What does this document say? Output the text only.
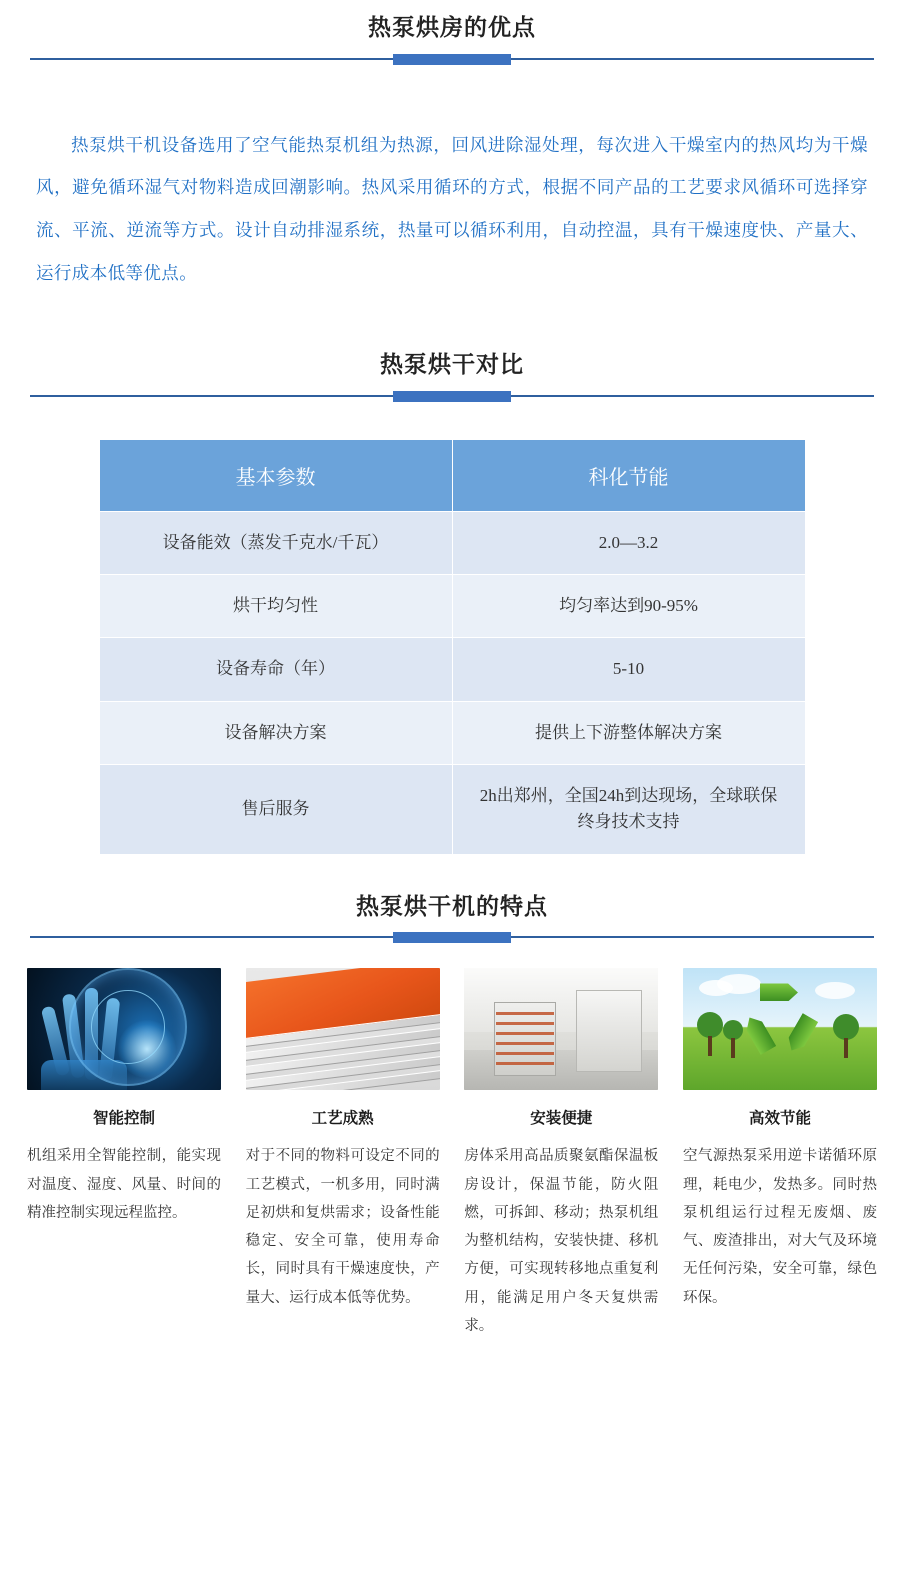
热泵烘房的优点

热泵烘干机设备选用了空气能热泵机组为热源，回风进除湿处理，每次进入干燥室内的热风均为干燥风，避免循环湿气对物料造成回潮影响。热风采用循环的方式，根据不同产品的工艺要求风循环可选择穿流、平流、逆流等方式。设计自动排湿系统，热量可以循环利用，自动控温，具有干燥速度快、产量大、运行成本低等优点。

热泵烘干对比
基本参数	科化节能
设备能效（蒸发千克水/千瓦）	2.0—3.2
烘干均匀性	均匀率达到90-95%
设备寿命（年）	5-10
设备解决方案	提供上下游整体解决方案
售后服务	2h出郑州，全国24h到达现场，全球联保
终身技术支持
热泵烘干机的特点
智能控制
机组采用全智能控制，能实现对温度、湿度、风量、时间的精准控制实现远程监控。
工艺成熟
对于不同的物料可设定不同的工艺模式，一机多用，同时满足初烘和复烘需求；设备性能稳定、安全可靠，使用寿命长，同时具有干燥速度快，产量大、运行成本低等优势。
安装便捷
房体采用高品质聚氨酯保温板房设计，保温节能，防火阻燃，可拆卸、移动；热泵机组为整机结构，安装快捷、移机方便，可实现转移地点重复利用，能满足用户冬天复烘需求。
高效节能
空气源热泵采用逆卡诺循环原理，耗电少，发热多。同时热泵机组运行过程无废烟、废气、废渣排出，对大气及环境无任何污染，安全可靠，绿色环保。
